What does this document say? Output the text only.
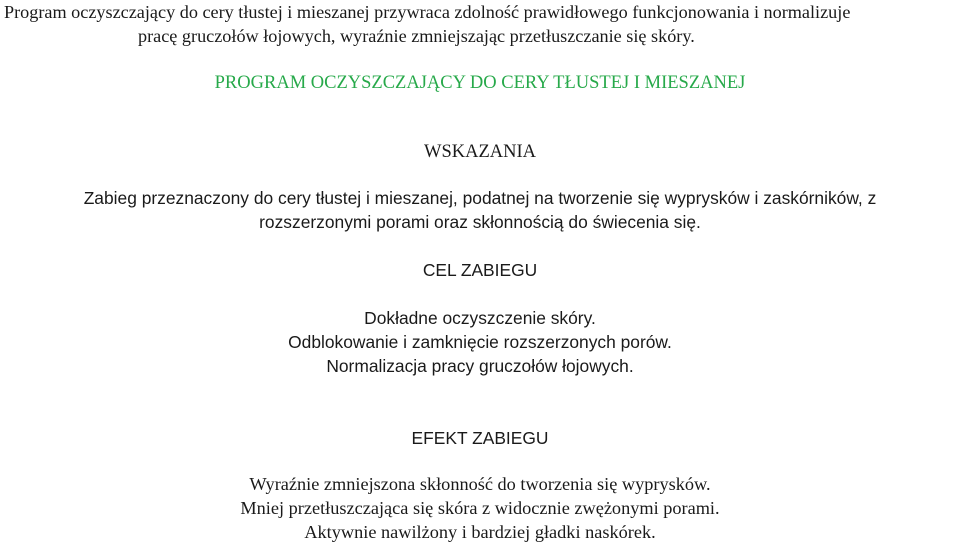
Program oczyszczający do cery tłustej i mieszanej przywraca zdolność prawidłowego funkcjonowania i normalizuje
pracę gruczołów łojowych, wyraźnie zmniejszając przetłuszczanie się skóry.
PROGRAM OCZYSZCZAJĄCY DO CERY TŁUSTEJ I MIESZANEJ
WSKAZANIA
Zabieg przeznaczony do cery tłustej i mieszanej, podatnej na tworzenie się wyprysków i zaskórników, z
rozszerzonymi porami oraz skłonnością do świecenia się.
CEL ZABIEGU
Dokładne oczyszczenie skóry.
Odblokowanie i zamknięcie rozszerzonych porów.
Normalizacja pracy gruczołów łojowych.
EFEKT ZABIEGU
Wyraźnie zmniejszona skłonność do tworzenia się wyprysków.
Mniej przetłuszczająca się skóra z widocznie zwężonymi porami.
Aktywnie nawilżony i bardziej gładki naskórek.
